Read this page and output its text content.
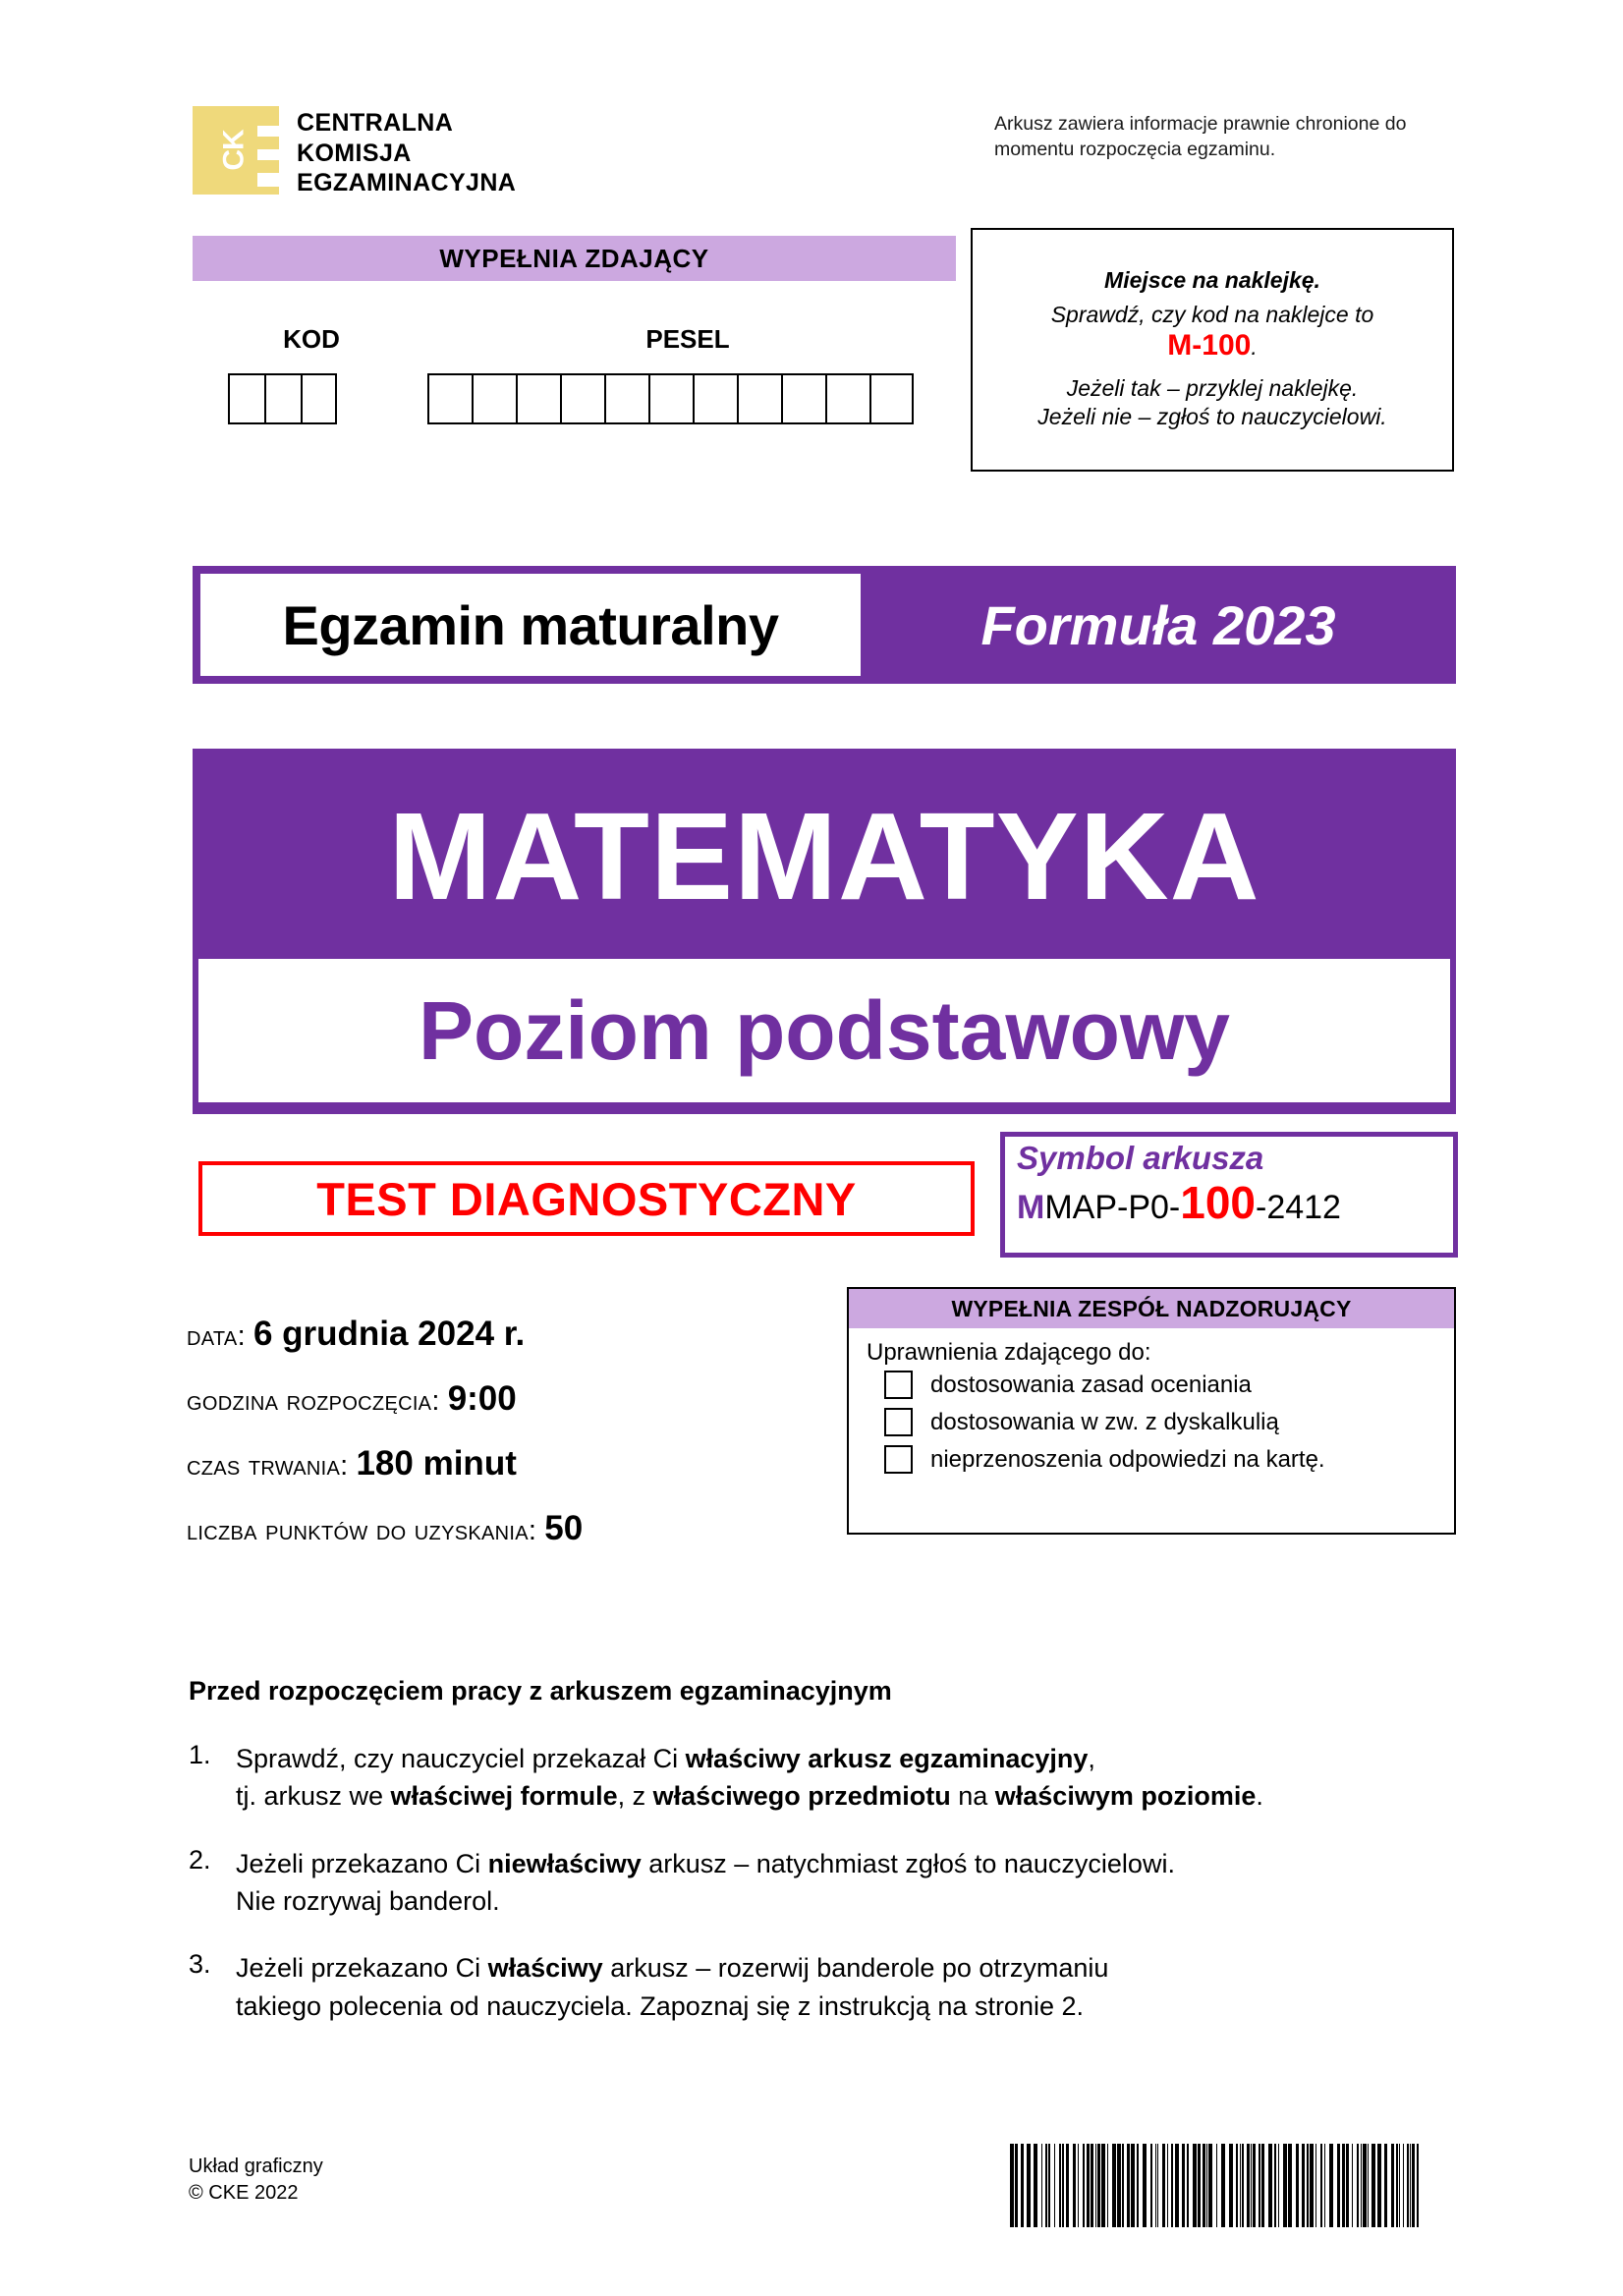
CK
CENTRALNA
KOMISJA
EGZAMINACYJNA
Arkusz zawiera informacje prawnie chronione do momentu rozpoczęcia egzaminu.
WYPEŁNIA ZDAJĄCY
KOD	PESEL
Miejsce na naklejkę.
Sprawdź, czy kod na naklejce to
M-100.
Jeżeli tak – przyklej naklejkę.
Jeżeli nie – zgłoś to nauczycielowi.
Egzamin maturalny	Formuła 2023
MATEMATYKA
Poziom podstawowy
TEST DIAGNOSTYCZNY
Symbol arkusza
MMAP-P0-100-2412
data: 6 grudnia 2024 r.
godzina rozpoczęcia: 9:00
czas trwania: 180 minut
liczba punktów do uzyskania: 50
WYPEŁNIA ZESPÓŁ NADZORUJĄCY
Uprawnienia zdającego do:
dostosowania zasad oceniania
dostosowania w zw. z dyskalkulią
nieprzenoszenia odpowiedzi na kartę.
Przed rozpoczęciem pracy z arkuszem egzaminacyjnym
1. Sprawdź, czy nauczyciel przekazał Ci właściwy arkusz egzaminacyjny,
tj. arkusz we właściwej formule, z właściwego przedmiotu na właściwym poziomie.
2. Jeżeli przekazano Ci niewłaściwy arkusz – natychmiast zgłoś to nauczycielowi.
Nie rozrywaj banderol.
3. Jeżeli przekazano Ci właściwy arkusz – rozerwij banderole po otrzymaniu
takiego polecenia od nauczyciela. Zapoznaj się z instrukcją na stronie 2.
Układ graficzny
© CKE 2022
